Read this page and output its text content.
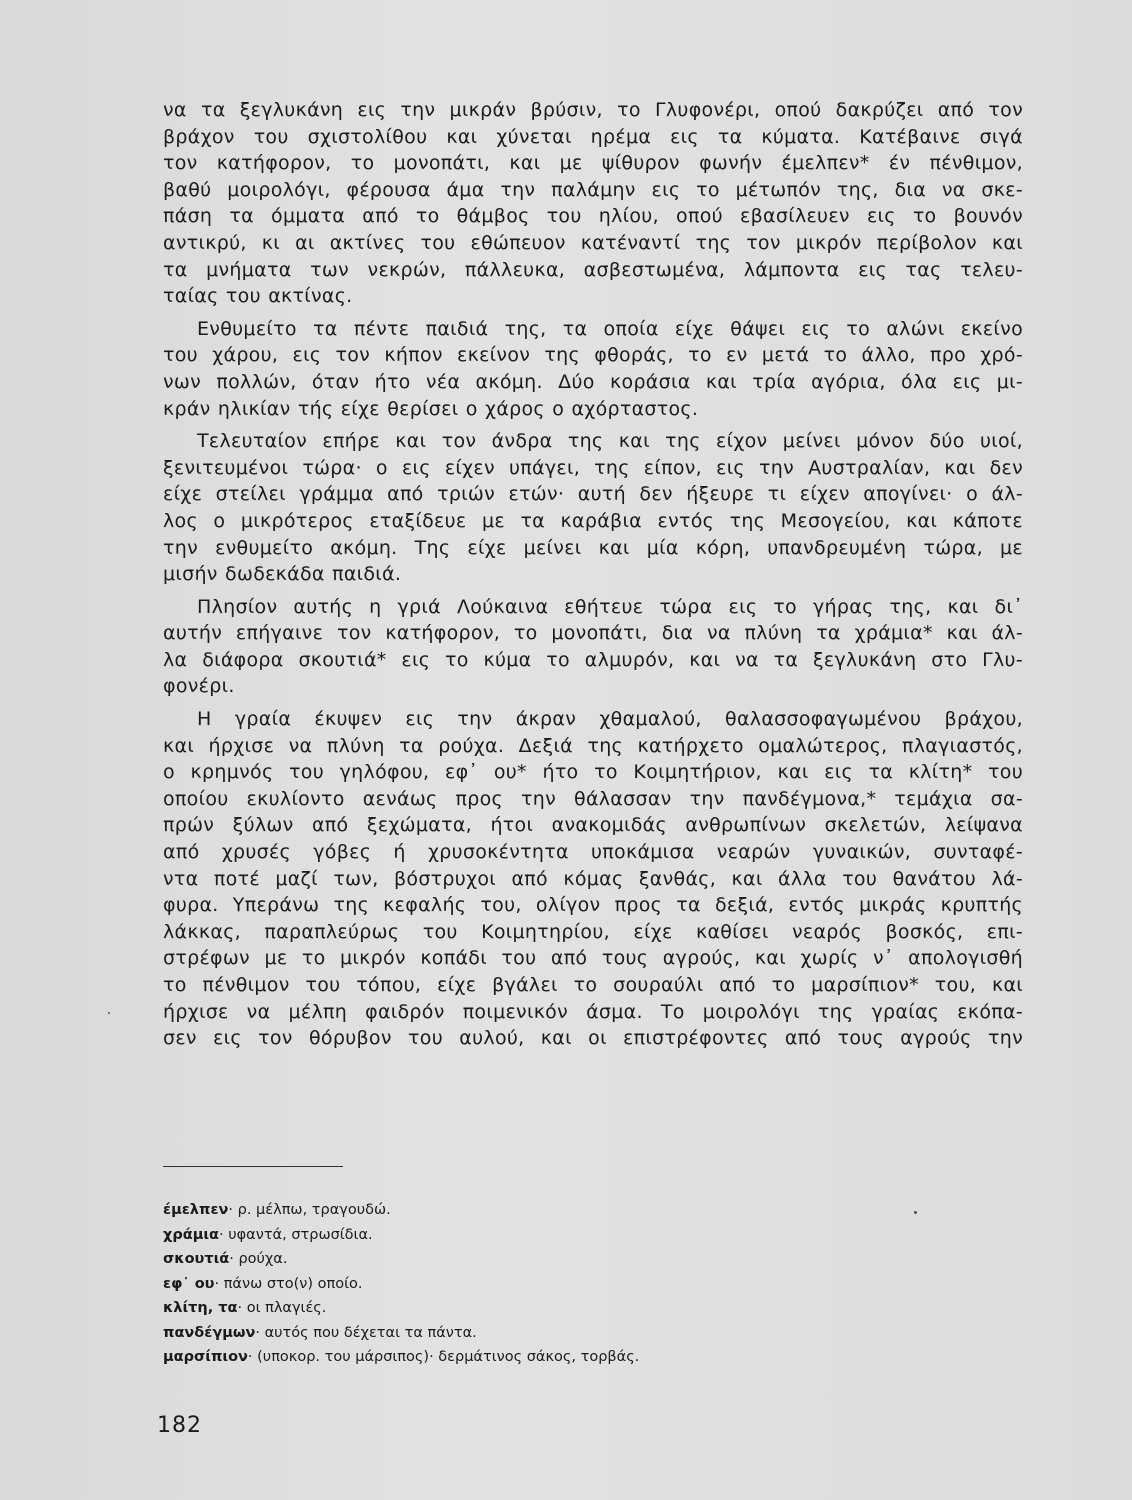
να τα ξεγλυκάνη εις την μικράν βρύσιν, το Γλυφονέρι, οπού δακρύζει από τον
βράχον του σχιστολίθου και χύνεται ηρέμα εις τα κύματα. Κατέβαινε σιγά
τον κατήφορον, το μονοπάτι, και με ψίθυρον φωνήν έμελπεν* έν πένθιμον,
βαθύ μοιρολόγι, φέρουσα άμα την παλάμην εις το μέτωπόν της, δια να σκε-
πάση τα όμματα από το θάμβος του ηλίου, οπού εβασίλευεν εις το βουνόν
αντικρύ, κι αι ακτίνες του εθώπευον κατέναντί της τον μικρόν περίβολον και
τα μνήματα των νεκρών, πάλλευκα, ασβεστωμένα, λάμποντα εις τας τελευ-
ταίας του ακτίνας.

Ενθυμείτο τα πέντε παιδιά της, τα οποία είχε θάψει εις το αλώνι εκείνο
του χάρου, εις τον κήπον εκείνον της φθοράς, το εν μετά το άλλο, προ χρό-
νων πολλών, όταν ήτο νέα ακόμη. Δύο κοράσια και τρία αγόρια, όλα εις μι-
κράν ηλικίαν τής είχε θερίσει ο χάρος ο αχόρταστος.

Τελευταίον επήρε και τον άνδρα της και της είχον μείνει μόνον δύο υιοί,
ξενιτευμένοι τώρα· ο εις είχεν υπάγει, της είπον, εις την Αυστραλίαν, και δεν
είχε στείλει γράμμα από τριών ετών· αυτή δεν ήξευρε τι είχεν απογίνει· ο άλ-
λος ο μικρότερος εταξίδευε με τα καράβια εντός της Μεσογείου, και κάποτε
την ενθυμείτο ακόμη. Της είχε μείνει και μία κόρη, υπανδρευμένη τώρα, με
μισήν δωδεκάδα παιδιά.

Πλησίον αυτής η γριά Λούκαινα εθήτευε τώρα εις το γήρας της, και δι᾽
αυτήν επήγαινε τον κατήφορον, το μονοπάτι, δια να πλύνη τα χράμια* και άλ-
λα διάφορα σκουτιά* εις το κύμα το αλμυρόν, και να τα ξεγλυκάνη στο Γλυ-
φονέρι.

Η γραία έκυψεν εις την άκραν χθαμαλού, θαλασσοφαγωμένου βράχου,
και ήρχισε να πλύνη τα ρούχα. Δεξιά της κατήρχετο ομαλώτερος, πλαγιαστός,
ο κρημνός του γηλόφου, εφ᾽ ου* ήτο το Κοιμητήριον, και εις τα κλίτη* του
οποίου εκυλίοντο αενάως προς την θάλασσαν την πανδέγμονα,* τεμάχια σα-
πρών ξύλων από ξεχώματα, ήτοι ανακομιδάς ανθρωπίνων σκελετών, λείψανα
από χρυσές γόβες ή χρυσοκέντητα υποκάμισα νεαρών γυναικών, συνταφέ-
ντα ποτέ μαζί των, βόστρυχοι από κόμας ξανθάς, και άλλα του θανάτου λά-
φυρα. Υπεράνω της κεφαλής του, ολίγον προς τα δεξιά, εντός μικράς κρυπτής
λάκκας, παραπλεύρως του Κοιμητηρίου, είχε καθίσει νεαρός βοσκός, επι-
στρέφων με το μικρόν κοπάδι του από τους αγρούς, και χωρίς ν᾽ απολογισθή
το πένθιμον του τόπου, είχε βγάλει το σουραύλι από το μαρσίπιον* του, και
ήρχισε να μέλπη φαιδρόν ποιμενικόν άσμα. Το μοιρολόγι της γραίας εκόπα-
σεν εις τον θόρυβον του αυλού, και οι επιστρέφοντες από τους αγρούς την

έμελπεν· ρ. μέλπω, τραγουδώ.
χράμια· υφαντά, στρωσίδια.
σκουτιά· ρούχα.
εφ᾽ ου· πάνω στο(ν) οποίο.
κλίτη, τα· οι πλαγιές.
πανδέγμων· αυτός που δέχεται τα πάντα.
μαρσίπιον· (υποκορ. του μάρσιπος)· δερμάτινος σάκος, τορβάς.
182
